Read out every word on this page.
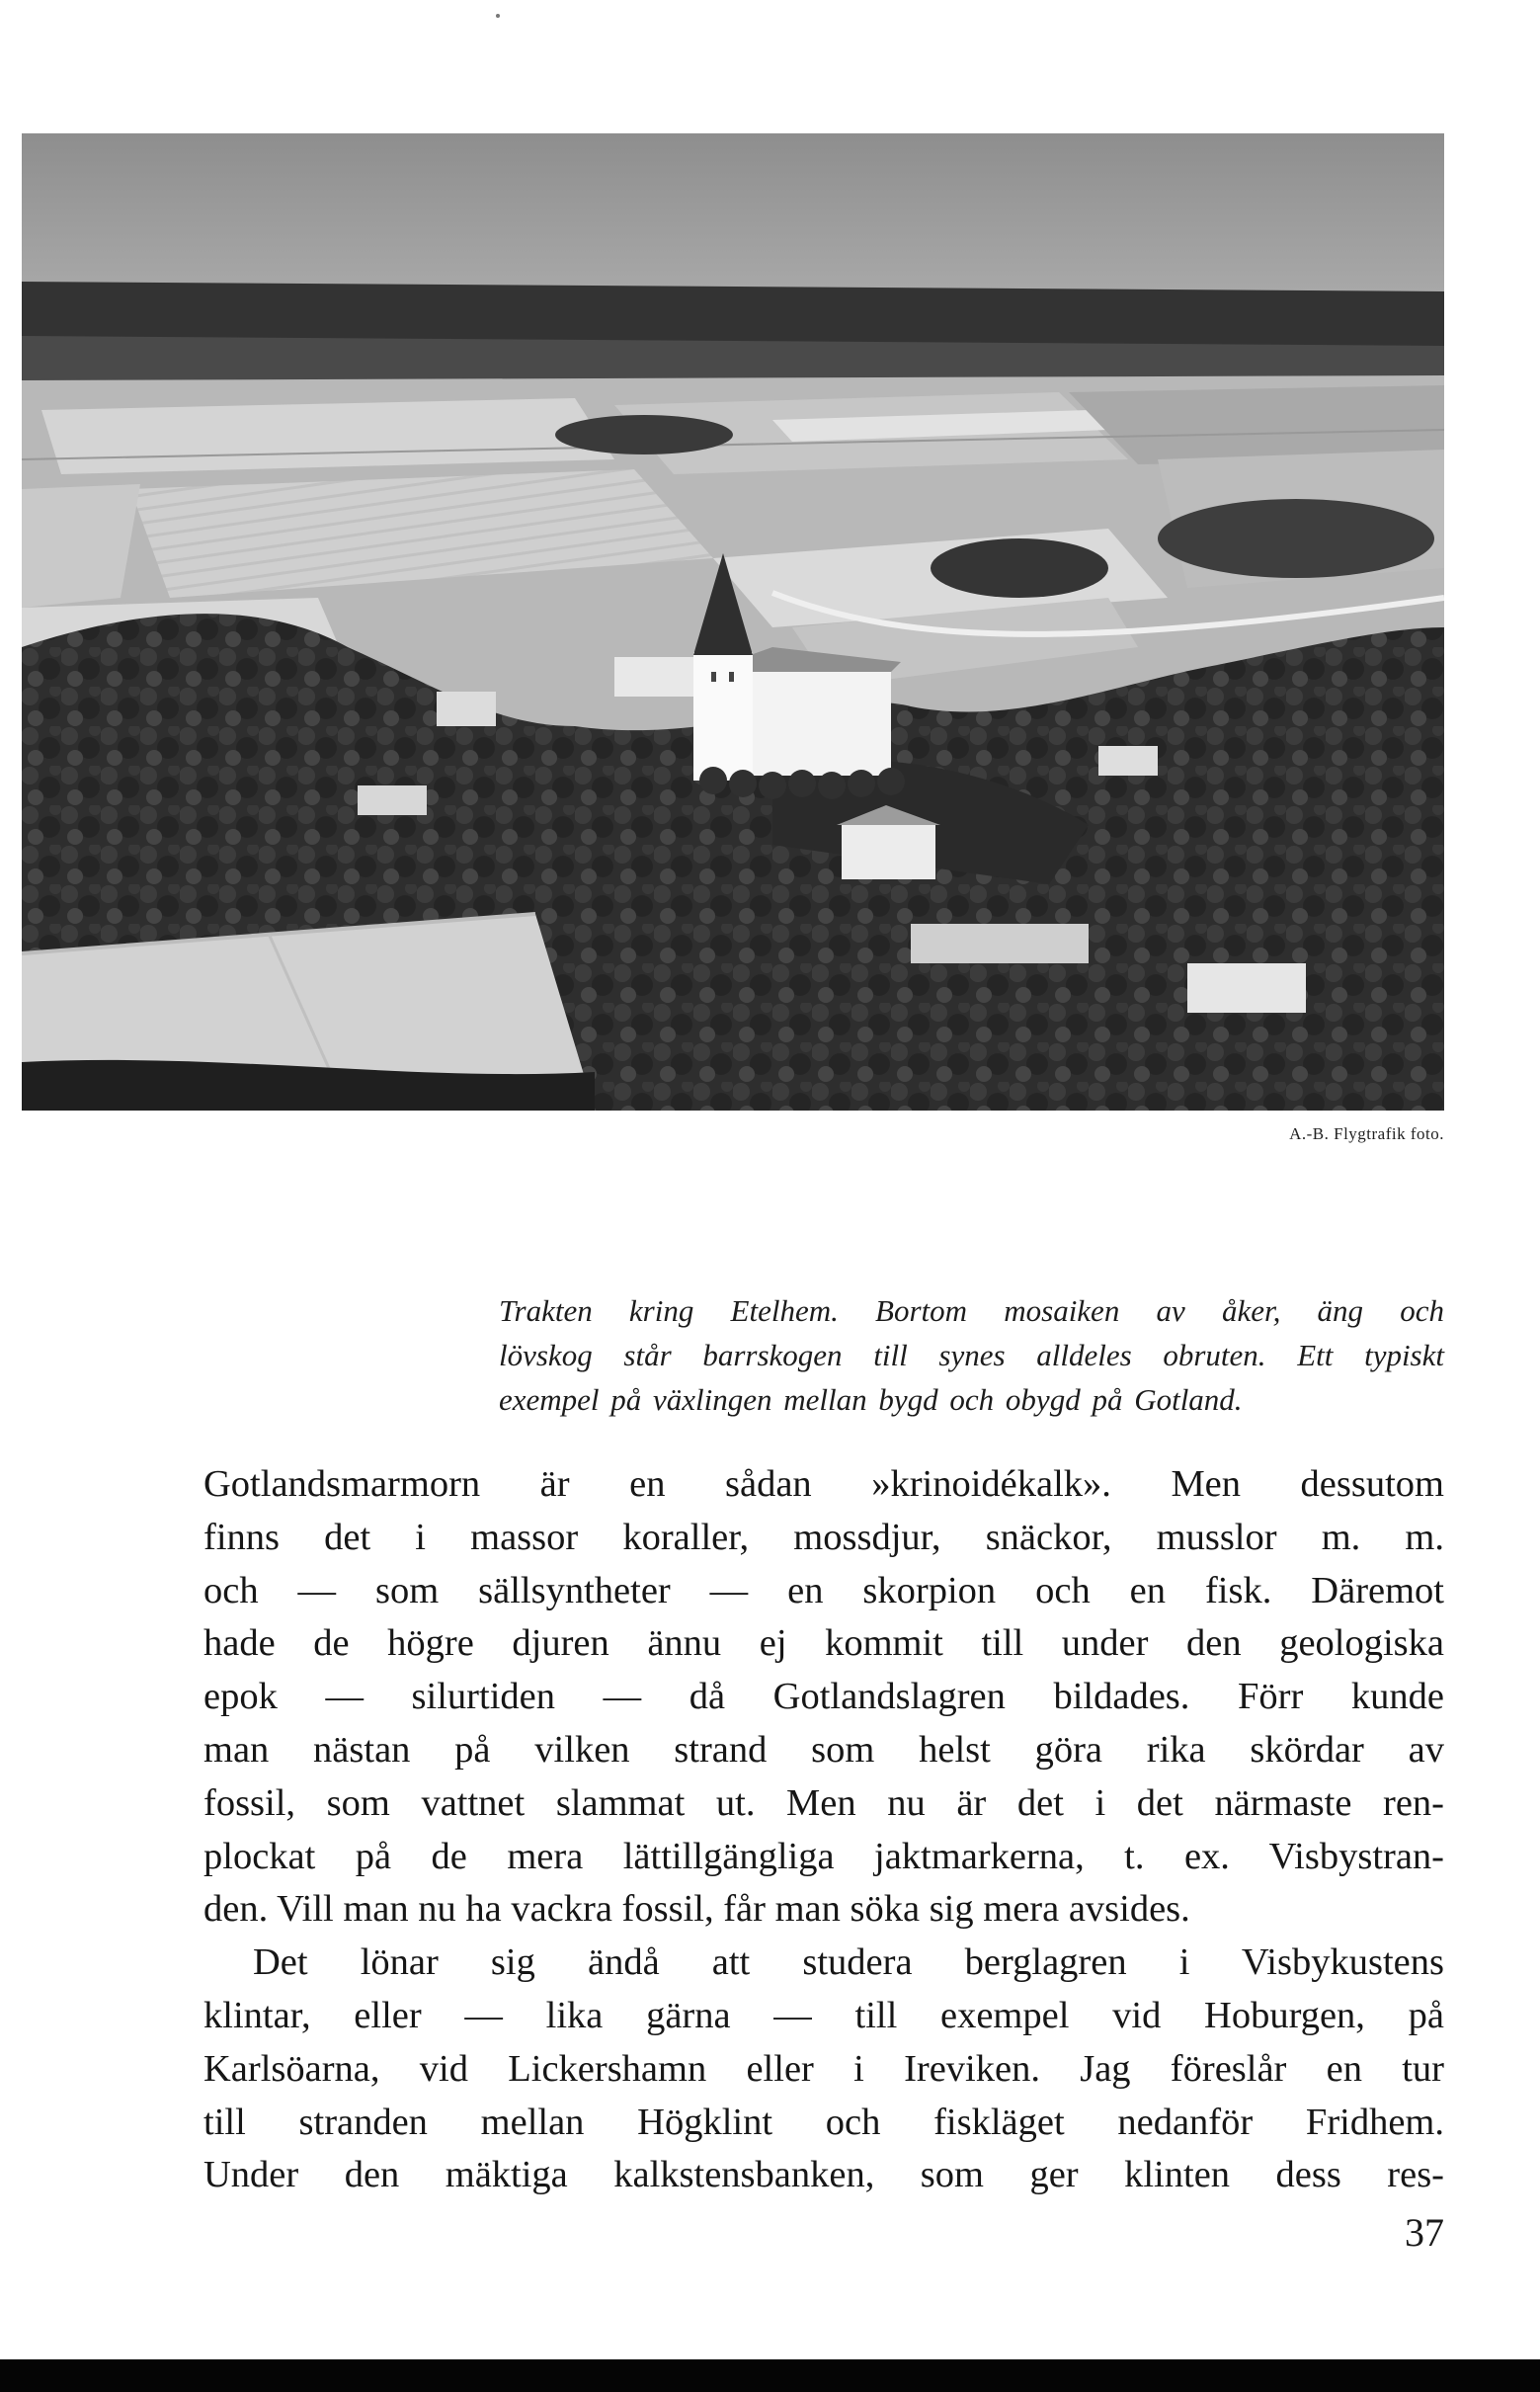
A.-B. Flygtrafik foto.
Trakten kring Etelhem. Bortom mosaiken av åker, äng och
lövskog står barrskogen till synes alldeles obruten. Ett typiskt
exempel på växlingen mellan bygd och obygd på Gotland.
Gotlandsmarmorn är en sådan »krinoidékalk». Men dessutom
finns det i massor koraller, mossdjur, snäckor, musslor m. m.
och — som sällsyntheter — en skorpion och en fisk. Däremot
hade de högre djuren ännu ej kommit till under den geologiska
epok — silurtiden — då Gotlandslagren bildades. Förr kunde
man nästan på vilken strand som helst göra rika skördar av
fossil, som vattnet slammat ut. Men nu är det i det närmaste ren-
plockat på de mera lättillgängliga jaktmarkerna, t. ex. Visbystran-
den. Vill man nu ha vackra fossil, får man söka sig mera avsides.
Det lönar sig ändå att studera berglagren i Visbykustens
klintar, eller — lika gärna — till exempel vid Hoburgen, på
Karlsöarna, vid Lickershamn eller i Ireviken. Jag föreslår en tur
till stranden mellan Högklint och fiskläget nedanför Fridhem.
Under den mäktiga kalkstensbanken, som ger klinten dess res-
37
